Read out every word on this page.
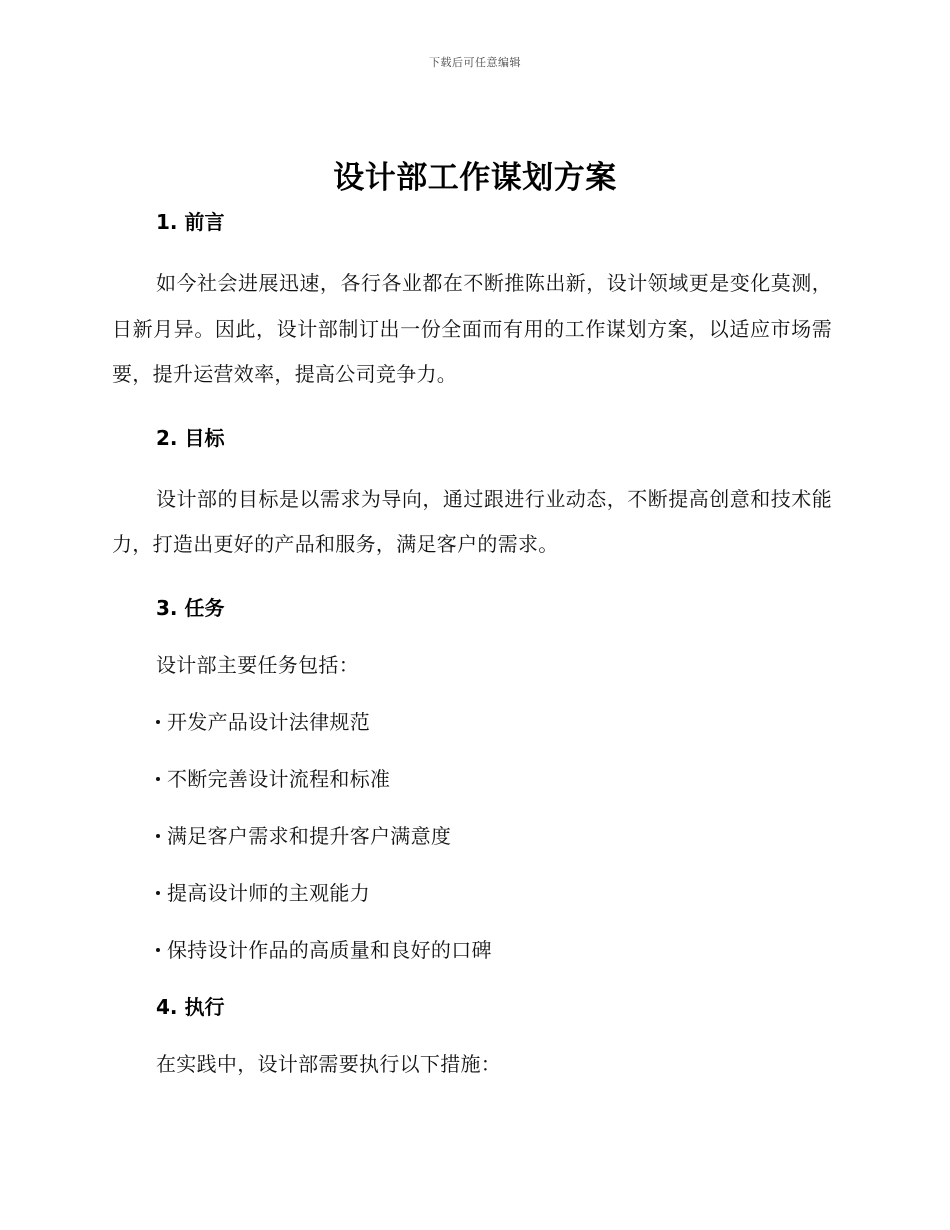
下载后可任意编辑
设计部工作谋划方案
1. 前言

如今社会进展迅速，各行各业都在不断推陈出新，设计领域更是变化莫测，日新月异。因此，设计部制订出一份全面而有用的工作谋划方案，以适应市场需要，提升运营效率，提高公司竞争力。

2. 目标

设计部的目标是以需求为导向，通过跟进行业动态，不断提高创意和技术能力，打造出更好的产品和服务，满足客户的需求。

3. 任务
设计部主要任务包括：
开发产品设计法律规范
不断完善设计流程和标准
满足客户需求和提升客户满意度
提高设计师的主观能力
保持设计作品的高质量和良好的口碑
4. 执行
在实践中，设计部需要执行以下措施：
